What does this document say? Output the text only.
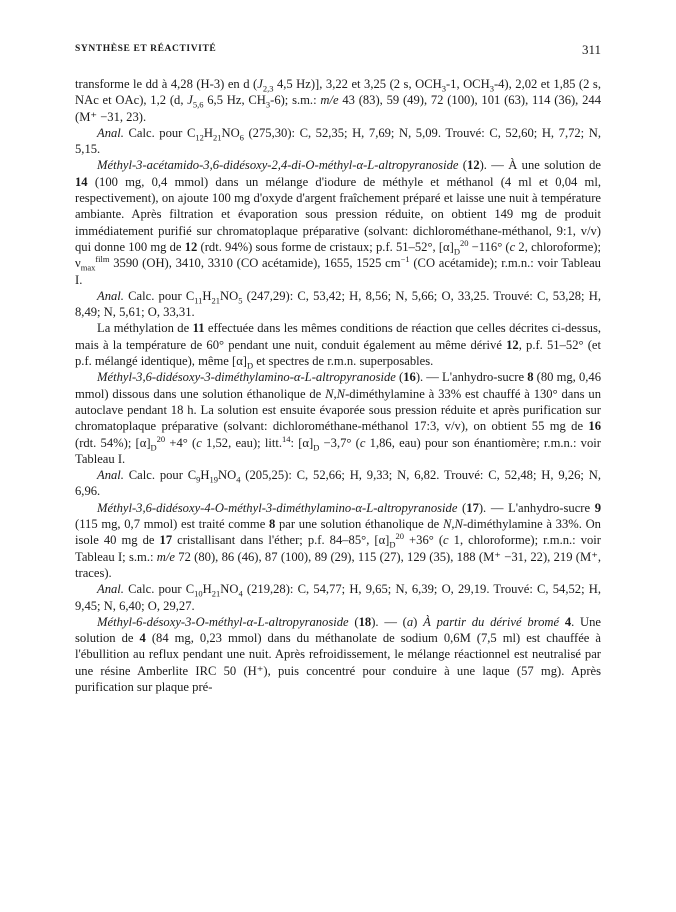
SYNTHÈSE ET RÉACTIVITÉ	311

transforme le dd à 4,28 (H-3) en d ($J_{2,3}$ 4,5 Hz)], 3,22 et 3,25 (2 s, $OCH_3-1$, $OCH_3-4$), 2,02 et 1,85 (2 s, NAc et OAc), 1,2 (d, $J_{5,6}$ 6,5 Hz, $CH_3-6$); s.m.: m/e 43 (83), 59 (49), 72 (100), 101 (63), 114 (36), 244 (M⁺ −31, 23).

Anal. Calc. pour $C_{12}H_{21}NO_6$ (275,30): C, 52,35; H, 7,69; N, 5,09. Trouvé: C, 52,60; H, 7,72; N, 5,15.

Méthyl-3-acétamido-3,6-didésoxy-2,4-di-O-méthyl-α-L-altropyranoside (12). — À une solution de 14 (100 mg, 0,4 mmol) dans un mélange d'iodure de méthyle et méthanol (4 ml et 0,04 ml, respectivement), on ajoute 100 mg d'oxyde d'argent fraîchement préparé et laisse une nuit à température ambiante. Après filtration et évaporation sous pression réduite, on obtient 149 mg de produit immédiatement purifié sur chromatoplaque préparative (solvant: dichlorométhane-méthanol, 9:1, v/v) qui donne 100 mg de 12 (rdt. 94%) sous forme de cristaux; p.f. 51–52°, $[\alpha]_D^{20} -116^\circ$ (c 2, chloroforme); $\nu_{max}^{film}$ 3590 (OH), 3410, 3310 (CO acétamide), 1655, 1525 $cm^{-1}$ (CO acétamide); r.m.n.: voir Tableau I.

Anal. Calc. pour $C_{11}H_{21}NO_5$ (247,29): C, 53,42; H, 8,56; N, 5,66; O, 33,25. Trouvé: C, 53,28; H, 8,49; N, 5,61; O, 33,31.

La méthylation de 11 effectuée dans les mêmes conditions de réaction que celles décrites ci-dessus, mais à la température de 60° pendant une nuit, conduit également au même dérivé 12, p.f. 51–52° (et p.f. mélangé identique), même $[\alpha]_D$ et spectres de r.m.n. superposables.

Méthyl-3,6-didésoxy-3-diméthylamino-α-L-altropyranoside (16). — L'anhydro-sucre 8 (80 mg, 0,46 mmol) dissous dans une solution éthanolique de N,N-diméthylamine à 33% est chauffé à 130° dans un autoclave pendant 18 h. La solution est ensuite évaporée sous pression réduite et après purification sur chromatoplaque préparative (solvant: dichlorométhane-méthanol 17:3, v/v), on obtient 55 mg de 16 (rdt. 54%); $[\alpha]_D^{20} +4^\circ$ (c 1,52, eau); litt.$^{14}$: $[\alpha]_D -3,7^\circ$ (c 1,86, eau) pour son énantiomère; r.m.n.: voir Tableau I.

Anal. Calc. pour $C_9H_{19}NO_4$ (205,25): C, 52,66; H, 9,33; N, 6,82. Trouvé: C, 52,48; H, 9,26; N, 6,96.

Méthyl-3,6-didésoxy-4-O-méthyl-3-diméthylamino-α-L-altropyranoside (17). — L'anhydro-sucre 9 (115 mg, 0,7 mmol) est traité comme 8 par une solution éthanolique de N,N-diméthylamine à 33%. On isole 40 mg de 17 cristallisant dans l'éther; p.f. 84–85°, $[\alpha]_D^{20} +36^\circ$ (c 1, chloroforme); r.m.n.: voir Tableau I; s.m.: m/e 72 (80), 86 (46), 87 (100), 89 (29), 115 (27), 129 (35), 188 (M⁺ −31, 22), 219 (M⁺, traces).

Anal. Calc. pour $C_{10}H_{21}NO_4$ (219,28): C, 54,77; H, 9,65; N, 6,39; O, 29,19. Trouvé: C, 54,52; H, 9,45; N, 6,40; O, 29,27.

Méthyl-6-désoxy-3-O-méthyl-α-L-altropyranoside (18). — (a) À partir du dérivé bromé 4. Une solution de 4 (84 mg, 0,23 mmol) dans du méthanolate de sodium 0,6M (7,5 ml) est chauffée à l'ébullition au reflux pendant une nuit. Après refroidissement, le mélange réactionnel est neutralisé par une résine Amberlite IRC 50 (H⁺), puis concentré pour conduire à une laque (57 mg). Après purification sur plaque pré-
